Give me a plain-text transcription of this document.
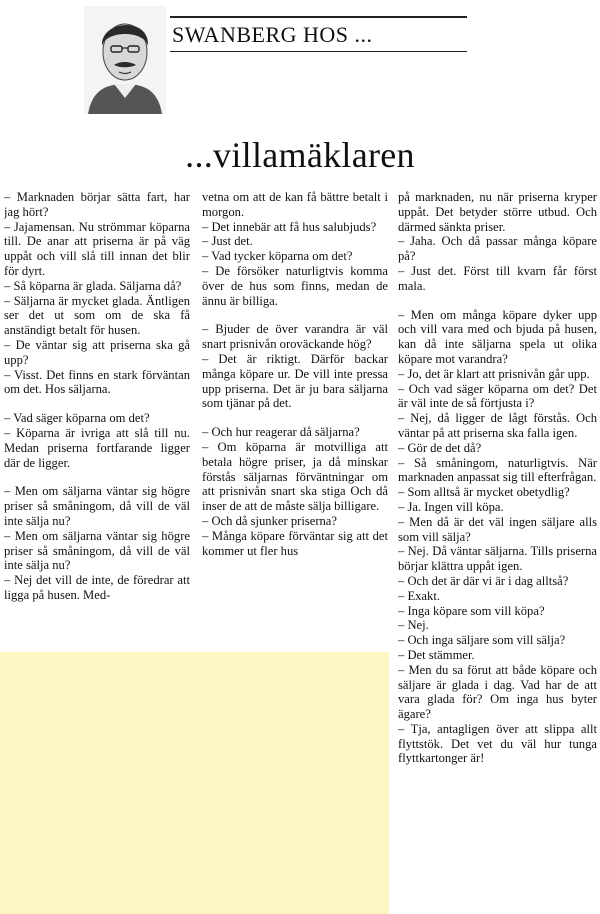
SWANBERG HOS ...
...villamäklaren

– Marknaden börjar sätta fart, har jag hört?

– Jajamensan. Nu strömmar köparna till. De anar att priserna är på väg uppåt och vill slå till innan det blir för dyrt.

– Så köparna är glada. Säljarna då?

– Säljarna är mycket glada. Äntligen ser det ut som om de ska få anständigt betalt för husen.

– De väntar sig att priserna ska gå upp?

– Visst. Det finns en stark förväntan om det. Hos säljarna.

– Vad säger köparna om det?

– Köparna är ivriga att slå till nu. Medan priserna fortfarande ligger där de ligger.

– Men om säljarna väntar sig högre priser så småningom, då vill de väl inte sälja nu?

– Men om säljarna väntar sig högre priser så småningom, då vill de väl inte sälja nu?

– Nej det vill de inte, de föredrar att ligga på husen. Med-

vetna om att de kan få bättre betalt i morgon.

– Det innebär att få hus salubjuds?

– Just det.

– Vad tycker köparna om det?

– De försöker naturligtvis komma över de hus som finns, medan de ännu är billiga.

– Bjuder de över varandra är väl snart prisnivån oroväckande hög?

– Det är riktigt. Därför backar många köpare ur. De vill inte pressa upp priserna. Det är ju bara säljarna som tjänar på det.

– Och hur reagerar då säljarna?

– Om köparna är motvilliga att betala högre priser, ja då minskar förstås säljarnas förväntningar om att prisnivån snart ska stiga Och då inser de att de måste sälja billigare.

– Och då sjunker priserna?

– Många köpare förväntar sig att det kommer ut fler hus

på marknaden, nu när priserna kryper uppåt. Det betyder större utbud. Och därmed sänkta priser.

– Jaha. Och då passar många köpare på?

– Just det. Först till kvarn får först mala.

– Men om många köpare dyker upp och vill vara med och bjuda på husen, kan då inte säljarna spela ut olika köpare mot varandra?

– Jo, det är klart att prisnivån går upp.

– Och vad säger köparna om det? Det är väl inte de så förtjusta i?

– Nej, då ligger de lågt förstås. Och väntar på att priserna ska falla igen.

– Gör de det då?

– Så småningom, naturligtvis. När marknaden anpassat sig till efterfrågan.

– Som alltså är mycket obetydlig?

– Ja. Ingen vill köpa.

– Men då är det väl ingen säljare alls som vill sälja?

– Nej. Då väntar säljarna. Tills priserna börjar klättra uppåt igen.

– Och det är där vi är i dag alltså?

– Exakt.

– Inga köpare som vill köpa?

– Nej.

– Och inga säljare som vill sälja?

– Det stämmer.

– Men du sa förut att både köpare och säljare är glada i dag. Vad har de att vara glada för? Om inga hus byter ägare?

– Tja, antagligen över att slippa allt flyttstök. Det vet du väl hur tunga flyttkartonger är!
